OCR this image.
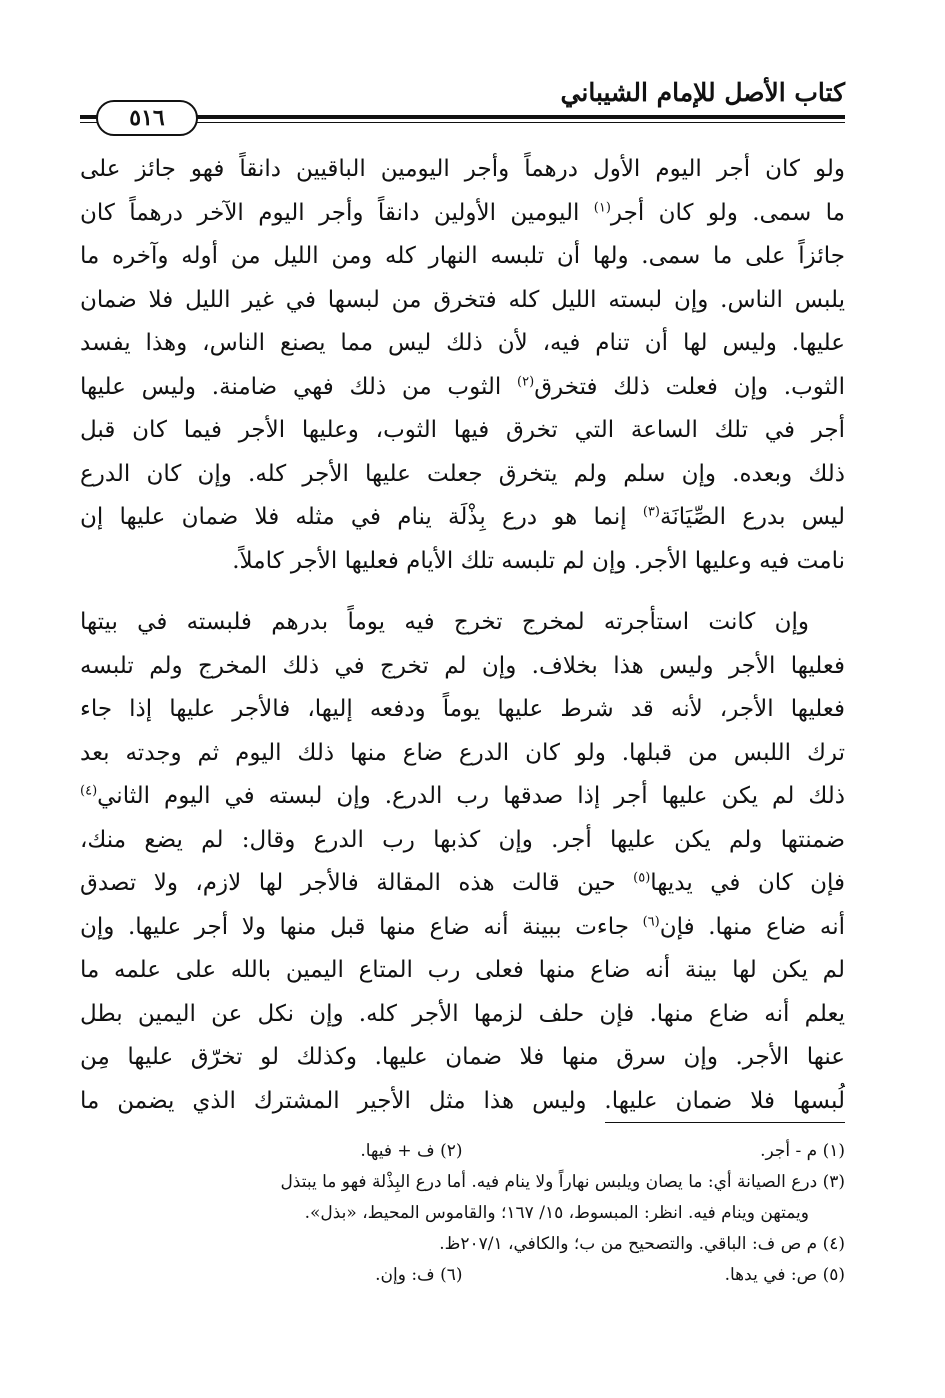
كتاب الأصل للإمام الشيباني
٥١٦
ولو كان أجر اليوم الأول درهماً وأجر اليومين الباقيين دانقاً فهو جائز على
ما سمى. ولو كان أجر$^{(١)}$ اليومين الأولين دانقاً وأجر اليوم الآخر درهماً كان
جائزاً على ما سمى. ولها أن تلبسه النهار كله ومن الليل من أوله وآخره ما
يلبس الناس. وإن لبسته الليل كله فتخرق من لبسها في غير الليل فلا ضمان
عليها. وليس لها أن تنام فيه، لأن ذلك ليس مما يصنع الناس، وهذا يفسد
الثوب. وإن فعلت ذلك فتخرق$^{(٢)}$ الثوب من ذلك فهي ضامنة. وليس عليها
أجر في تلك الساعة التي تخرق فيها الثوب، وعليها الأجر فيما كان قبل
ذلك وبعده. وإن سلم ولم يتخرق جعلت عليها الأجر كله. وإن كان الدرع
ليس بدرع الصِّيَانَة$^{(٣)}$ إنما هو درع بِذْلَة ينام في مثله فلا ضمان عليها إن
نامت فيه وعليها الأجر. وإن لم تلبسه تلك الأيام فعليها الأجر كاملاً.
وإن كانت استأجرته لمخرج تخرج فيه يوماً بدرهم فلبسته في بيتها
فعليها الأجر وليس هذا بخلاف. وإن لم تخرج في ذلك المخرج ولم تلبسه
فعليها الأجر، لأنه قد شرط عليها يوماً ودفعه إليها، فالأجر عليها إذا جاء
ترك اللبس من قبلها. ولو كان الدرع ضاع منها ذلك اليوم ثم وجدته بعد
ذلك لم يكن عليها أجر إذا صدقها رب الدرع. وإن لبسته في اليوم الثاني$^{(٤)}$
ضمنتها ولم يكن عليها أجر. وإن كذبها رب الدرع وقال: لم يضع منك،
فإن كان في يديها$^{(٥)}$ حين قالت هذه المقالة فالأجر لها لازم، ولا تصدق
أنه ضاع منها. فإن$^{(٦)}$ جاءت ببينة أنه ضاع منها قبل منها ولا أجر عليها. وإن
لم يكن لها بينة أنه ضاع منها فعلى رب المتاع اليمين بالله على علمه ما
يعلم أنه ضاع منها. فإن حلف لزمها الأجر كله. وإن نكل عن اليمين بطل
عنها الأجر. وإن سرق منها فلا ضمان عليها. وكذلك لو تخرّق عليها مِن
لُبسها فلا ضمان عليها. وليس هذا مثل الأجير المشترك الذي يضمن ما
(١) م - أجر.
(٢) ف + فيها.
(٣) درع الصيانة أي: ما يصان ويلبس نهاراً ولا ينام فيه. أما درع البِذْلة فهو ما يبتذل
ويمتهن وينام فيه. انظر: المبسوط، ١٥/ ١٦٧؛ والقاموس المحيط، «بذل».
(٤) م ص ف: الباقي. والتصحيح من ب؛ والكافي، ٢٠٧/١ظ.
(٥) ص: في يدها.
(٦) ف: وإن.
